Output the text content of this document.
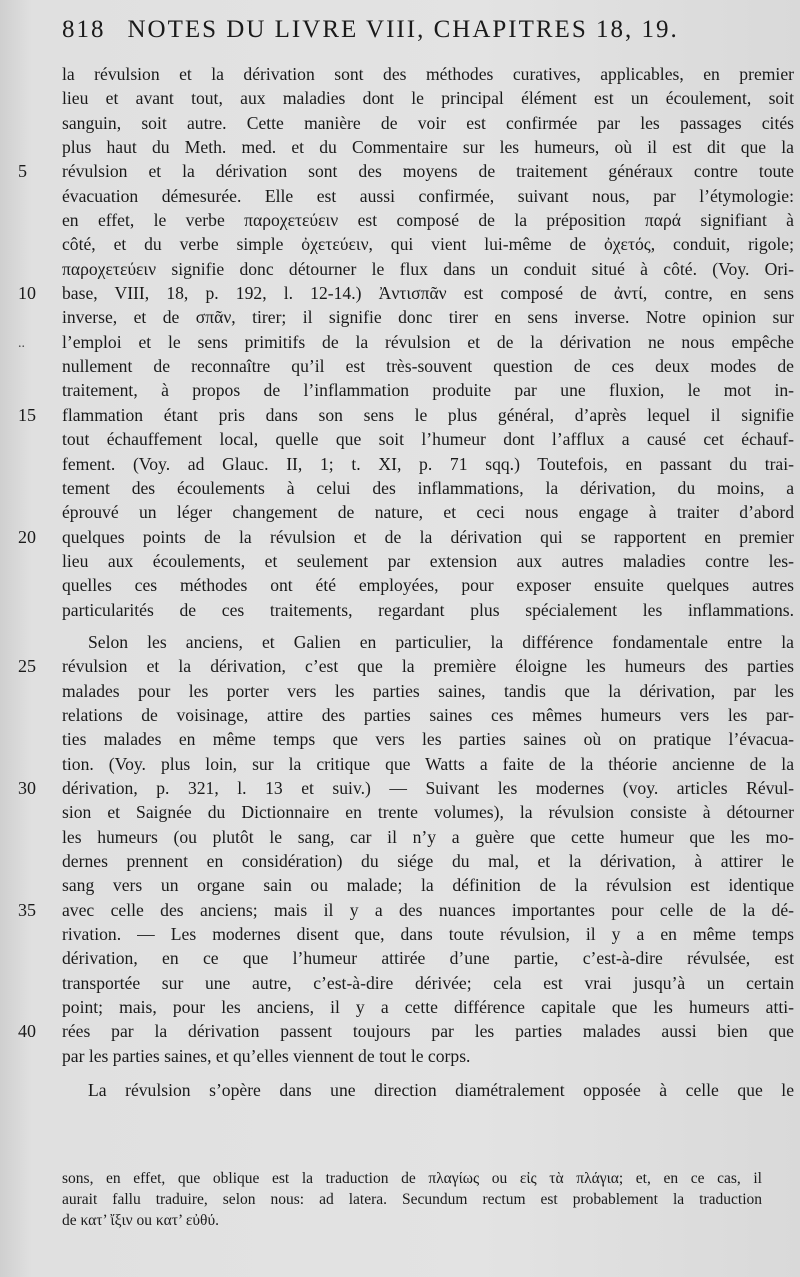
818 NOTES DU LIVRE VIII, CHAPITRES 18, 19.
..
la révulsion et la dérivation sont des méthodes curatives, applicables, en premier
lieu et avant tout, aux maladies dont le principal élément est un écoulement, soit
sanguin, soit autre. Cette manière de voir est confirmée par les passages cités
plus haut du Meth. med. et du Commentaire sur les humeurs, où il est dit que la
5	révulsion et la dérivation sont des moyens de traitement généraux contre toute
évacuation démesurée. Elle est aussi confirmée, suivant nous, par l’étymologie:
en effet, le verbe παροχετεύειν est composé de la préposition παρά signifiant à
côté, et du verbe simple ὀχετεύειν, qui vient lui-même de ὀχετός, conduit, rigole;
παροχετεύειν signifie donc détourner le flux dans un conduit situé à côté. (Voy. Ori-
10	base, VIII, 18, p. 192, l. 12-14.) Ἀντισπᾶν est composé de ἀντί, contre, en sens
inverse, et de σπᾶν, tirer; il signifie donc tirer en sens inverse. Notre opinion sur
l’emploi et le sens primitifs de la révulsion et de la dérivation ne nous empêche
nullement de reconnaître qu’il est très-souvent question de ces deux modes de
traitement, à propos de l’inflammation produite par une fluxion, le mot in-
15	flammation étant pris dans son sens le plus général, d’après lequel il signifie
tout échauffement local, quelle que soit l’humeur dont l’afflux a causé cet échauf-
fement. (Voy. ad Glauc. II, 1; t. XI, p. 71 sqq.) Toutefois, en passant du trai-
tement des écoulements à celui des inflammations, la dérivation, du moins, a
éprouvé un léger changement de nature, et ceci nous engage à traiter d’abord
20	quelques points de la révulsion et de la dérivation qui se rapportent en premier
lieu aux écoulements, et seulement par extension aux autres maladies contre les-
quelles ces méthodes ont été employées, pour exposer ensuite quelques autres
particularités de ces traitements, regardant plus spécialement les inflammations.
Selon les anciens, et Galien en particulier, la différence fondamentale entre la
25	révulsion et la dérivation, c’est que la première éloigne les humeurs des parties
malades pour les porter vers les parties saines, tandis que la dérivation, par les
relations de voisinage, attire des parties saines ces mêmes humeurs vers les par-
ties malades en même temps que vers les parties saines où on pratique l’évacua-
tion. (Voy. plus loin, sur la critique que Watts a faite de la théorie ancienne de la
30	dérivation, p. 321, l. 13 et suiv.) — Suivant les modernes (voy. articles Révul-
sion et Saignée du Dictionnaire en trente volumes), la révulsion consiste à détourner
les humeurs (ou plutôt le sang, car il n’y a guère que cette humeur que les mo-
dernes prennent en considération) du siége du mal, et la dérivation, à attirer le
sang vers un organe sain ou malade; la définition de la révulsion est identique
35	avec celle des anciens; mais il y a des nuances importantes pour celle de la dé-
rivation. — Les modernes disent que, dans toute révulsion, il y a en même temps
dérivation, en ce que l’humeur attirée d’une partie, c’est-à-dire révulsée, est
transportée sur une autre, c’est-à-dire dérivée; cela est vrai jusqu’à un certain
point; mais, pour les anciens, il y a cette différence capitale que les humeurs atti-
40	rées par la dérivation passent toujours par les parties malades aussi bien que
par les parties saines, et qu’elles viennent de tout le corps.
La révulsion s’opère dans une direction diamétralement opposée à celle que le
sons, en effet, que oblique est la traduction de πλαγίως ou εἰς τὰ πλάγια; et, en ce cas, il
aurait fallu traduire, selon nous: ad latera. Secundum rectum est probablement la traduction
de κατ’ ἴξιν ou κατ’ εὐθύ.
